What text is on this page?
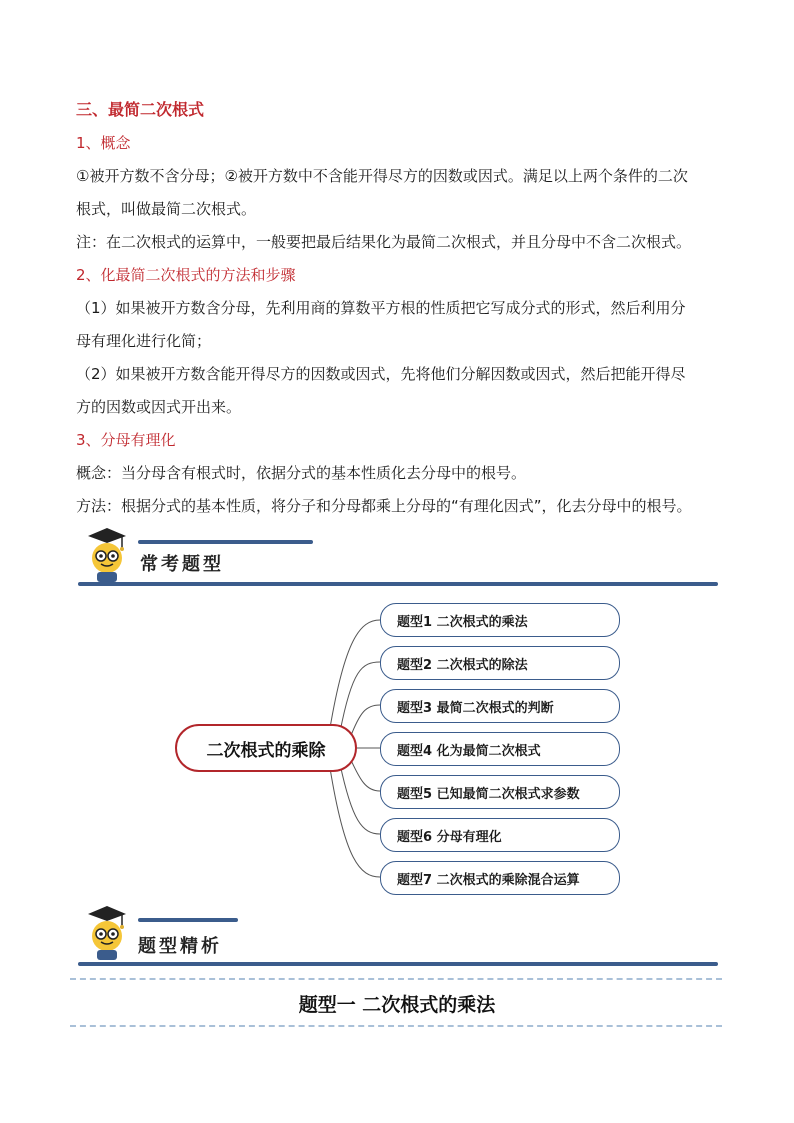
三、最简二次根式
1、概念
①被开方数不含分母；②被开方数中不含能开得尽方的因数或因式。满足以上两个条件的二次
根式，叫做最简二次根式。
注：在二次根式的运算中，一般要把最后结果化为最简二次根式，并且分母中不含二次根式。
2、化最简二次根式的方法和步骤
（1）如果被开方数含分母，先利用商的算数平方根的性质把它写成分式的形式，然后利用分
母有理化进行化简；
（2）如果被开方数含能开得尽方的因数或因式，先将他们分解因数或因式，然后把能开得尽
方的因数或因式开出来。
3、分母有理化
概念：当分母含有根式时，依据分式的基本性质化去分母中的根号。
方法：根据分式的基本性质，将分子和分母都乘上分母的“有理化因式”，化去分母中的根号。
常考题型
二次根式的乘除
题型1 二次根式的乘法
题型2 二次根式的除法
题型3 最简二次根式的判断
题型4 化为最简二次根式
题型5 已知最简二次根式求参数
题型6 分母有理化
题型7 二次根式的乘除混合运算
题型精析
题型一 二次根式的乘法
